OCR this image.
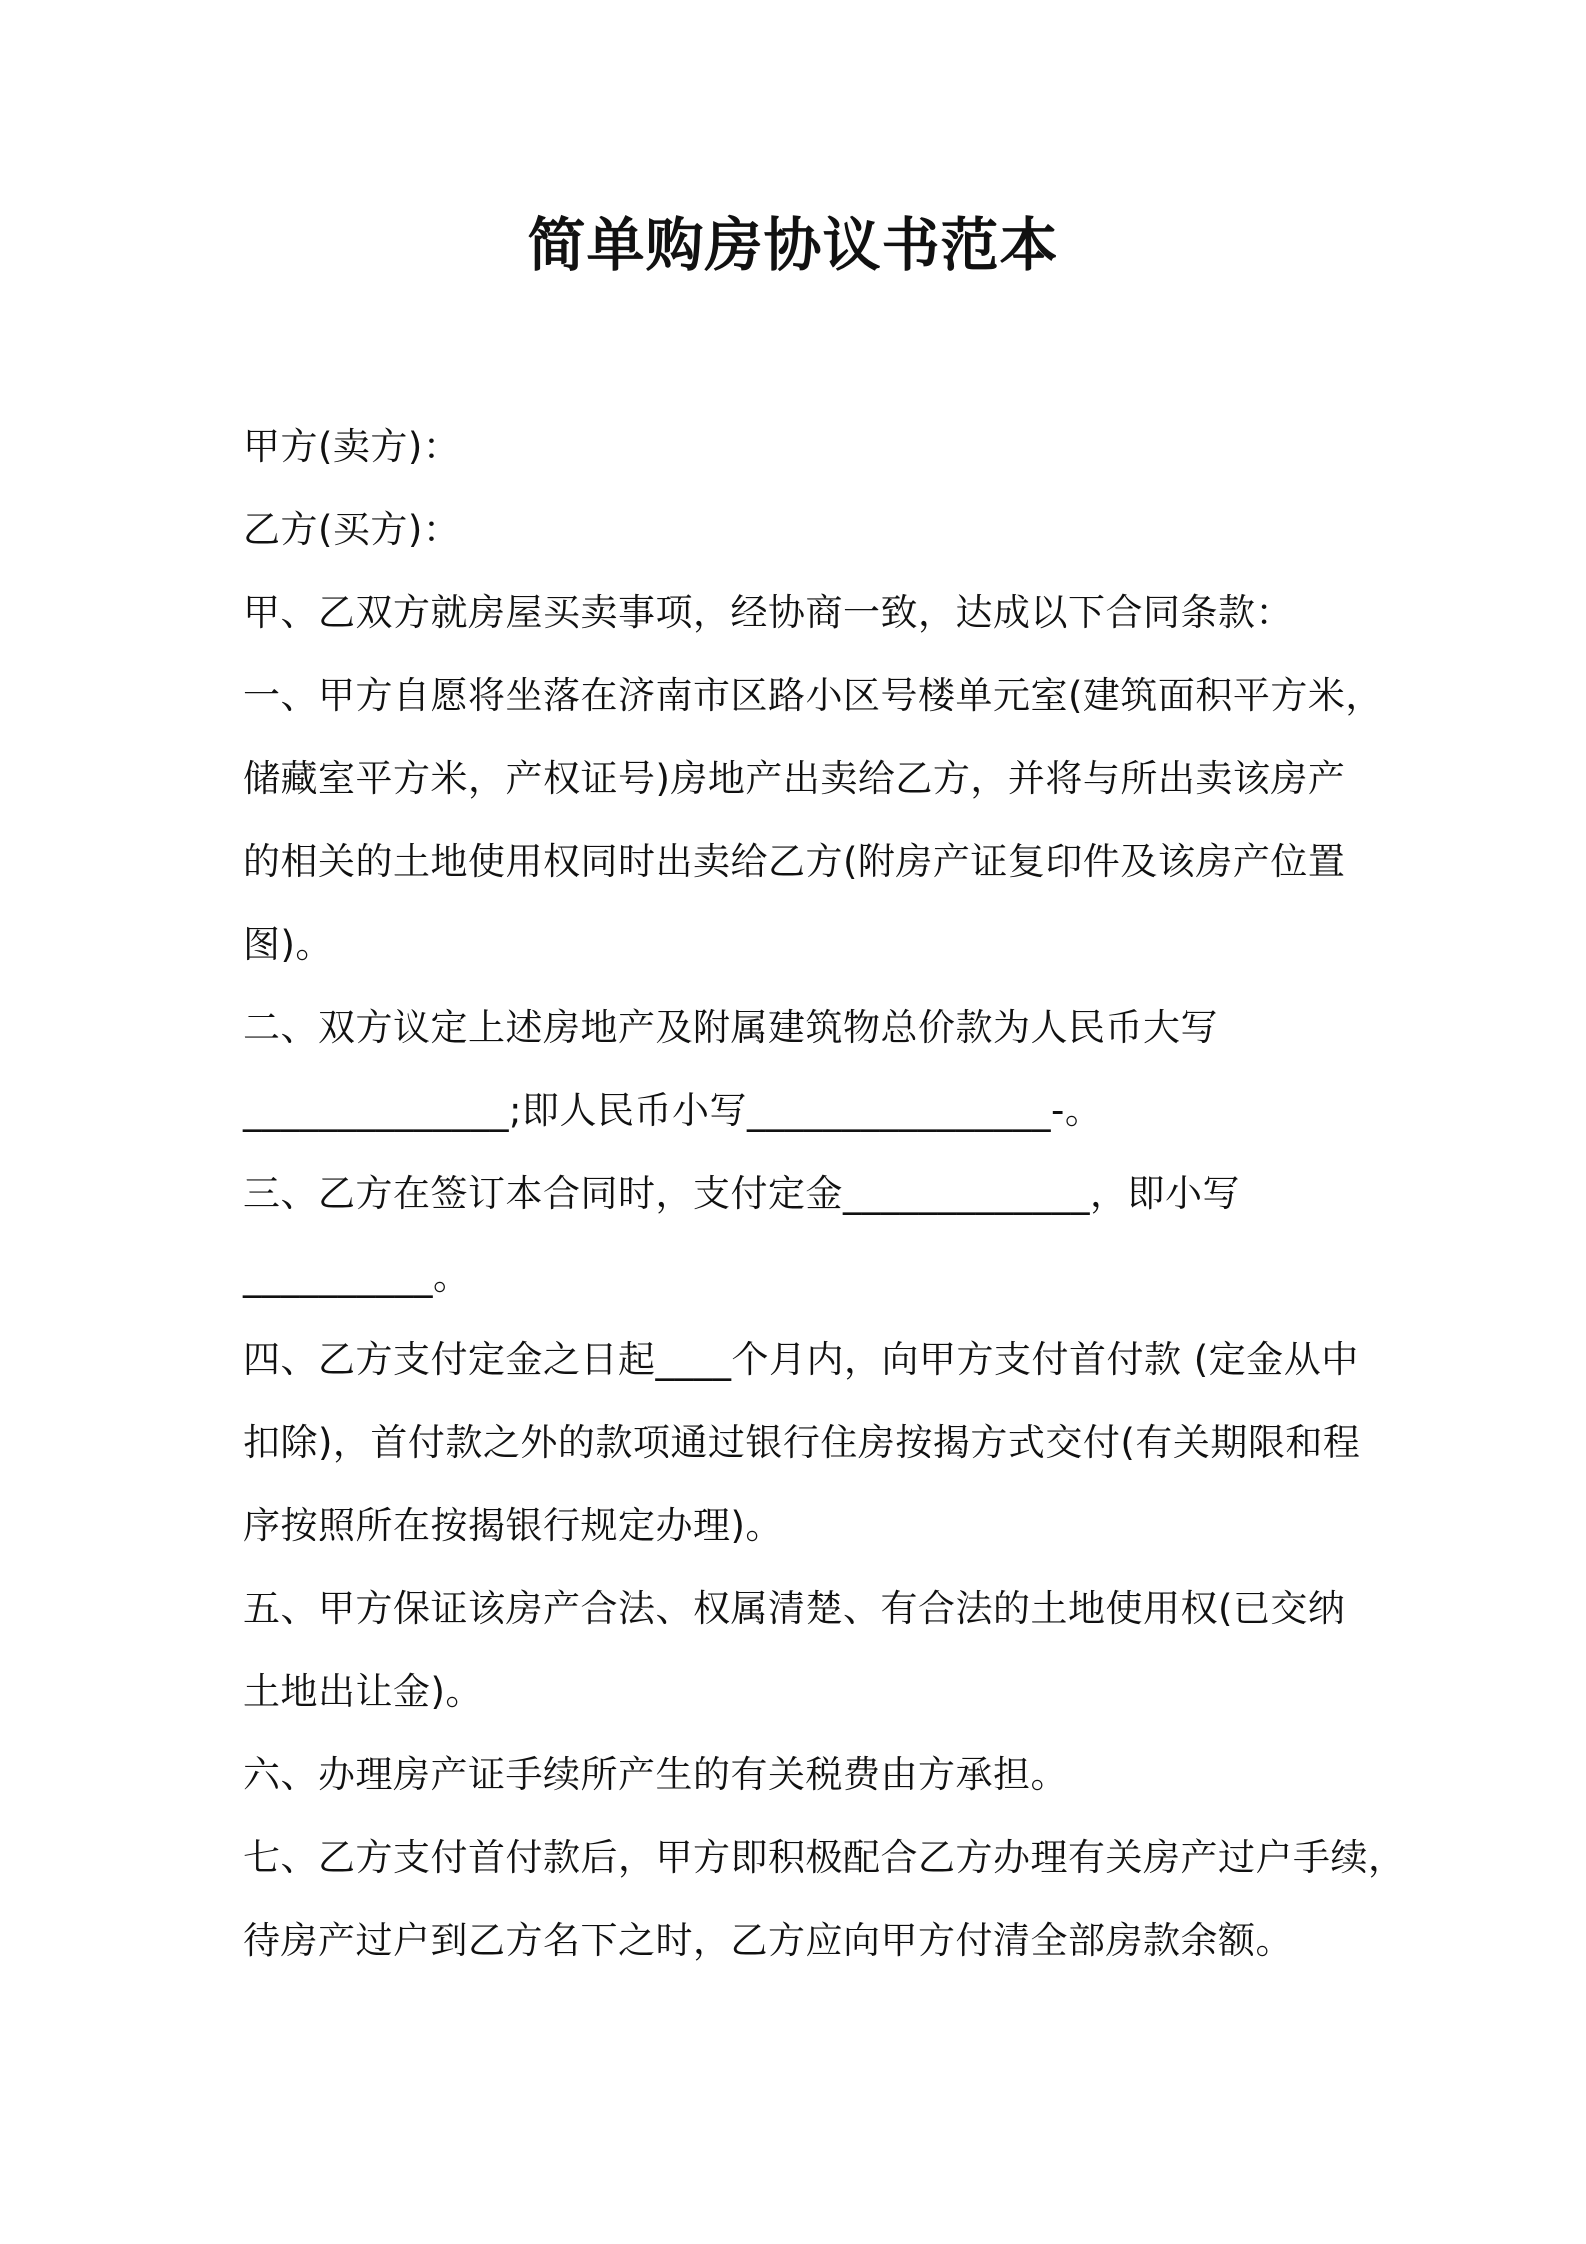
简单购房协议书范本
甲方(卖方)：
乙方(买方)：
甲、乙双方就房屋买卖事项，经协商一致，达成以下合同条款：
一、甲方自愿将坐落在济南市区路小区号楼单元室(建筑面积平方米，
储藏室平方米，产权证号)房地产出卖给乙方，并将与所出卖该房产
的相关的土地使用权同时出卖给乙方(附房产证复印件及该房产位置
图)。
二、双方议定上述房地产及附属建筑物总价款为人民币大写
______________;即人民币小写________________-。
三、乙方在签订本合同时，支付定金_____________，即小写
__________。
四、乙方支付定金之日起____个月内，向甲方支付首付款 (定金从中
扣除)，首付款之外的款项通过银行住房按揭方式交付(有关期限和程
序按照所在按揭银行规定办理)。
五、甲方保证该房产合法、权属清楚、有合法的土地使用权(已交纳
土地出让金)。
六、办理房产证手续所产生的有关税费由方承担。
七、乙方支付首付款后，甲方即积极配合乙方办理有关房产过户手续，
待房产过户到乙方名下之时，乙方应向甲方付清全部房款余额。
